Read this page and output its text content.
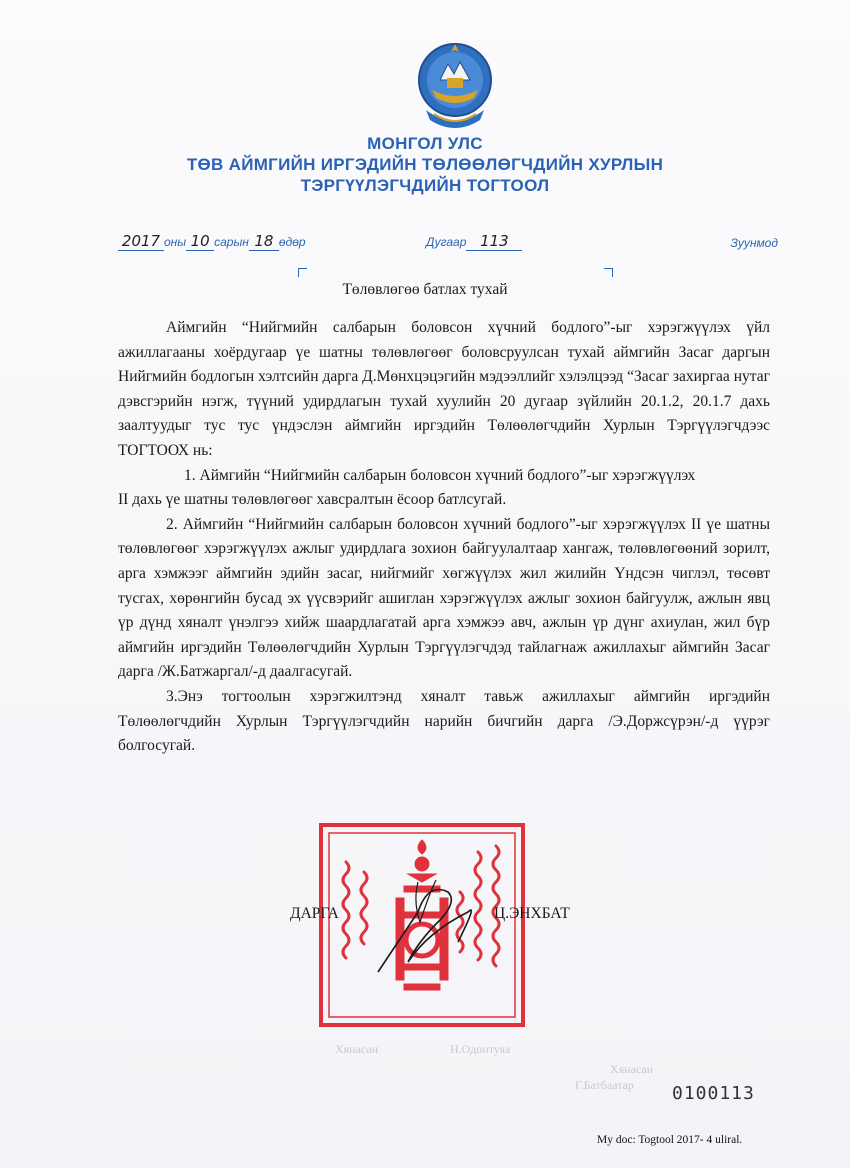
МОНГОЛ УЛС
ТӨВ АЙМГИЙН ИРГЭДИЙН ТӨЛӨӨЛӨГЧДИЙН ХУРЛЫН
ТЭРГҮҮЛЭГЧДИЙН ТОГТООЛ
2017 оны 10 сарын 18 өдөр	Дугаар 113	Зуунмод
Төлөвлөгөө батлах тухай

Аймгийн “Нийгмийн салбарын боловсон хүчний бодлого”-ыг хэрэгжүүлэх үйл ажиллагааны хоёрдугаар үе шатны төлөвлөгөөг боловсруулсан тухай аймгийн Засаг даргын Нийгмийн бодлогын хэлтсийн дарга Д.Мөнхцэцэгийн мэдээллийг хэлэлцээд “Засаг захиргаа нутаг дэвсгэрийн нэгж, түүний удирдлагын тухай хуулийн 20 дугаар зүйлийн 20.1.2, 20.1.7 дахь заалтуудыг тус тус үндэслэн аймгийн иргэдийн Төлөөлөгчдийн Хурлын Тэргүүлэгчдээс ТОГТООХ нь:

1. Аймгийн “Нийгмийн салбарын боловсон хүчний бодлого”-ыг хэрэгжүүлэх
II дахь үе шатны төлөвлөгөөг хавсралтын ёсоор батлсугай.

2. Аймгийн “Нийгмийн салбарын боловсон хүчний бодлого”-ыг хэрэгжүүлэх II үе шатны төлөвлөгөөг хэрэгжүүлэх ажлыг удирдлага зохион байгуулалтаар хангаж, төлөвлөгөөний зорилт, арга хэмжээг аймгийн эдийн засаг, нийгмийг хөгжүүлэх жил жилийн Үндсэн чиглэл, төсөвт тусгах, хөрөнгийн бусад эх үүсвэрийг ашиглан хэрэгжүүлэх ажлыг зохион байгуулж, ажлын явц үр дүнд хяналт үнэлгээ хийж шаардлагатай арга хэмжээ авч, ажлын үр дүнг ахиулан, жил бүр аймгийн иргэдийн Төлөөлөгчдийн Хурлын Тэргүүлэгчдэд тайлагнаж ажиллахыг аймгийн Засаг дарга /Ж.Батжаргал/-д даалгасугай.

3.Энэ тогтоолын хэрэгжилтэнд хяналт тавьж ажиллахыг аймгийн иргэдийн Төлөөлөгчдийн Хурлын Тэргүүлэгчдийн нарийн бичгийн дарга /Э.Доржсүрэн/-д үүрэг болгосугай.

ДАРГА	Ц.ЭНХБАТ
Хянасан	Н.Одонтуяа
Хянасан
Г.Батбаатар 0100113
My doc: Togtool 2017- 4 uliral.
